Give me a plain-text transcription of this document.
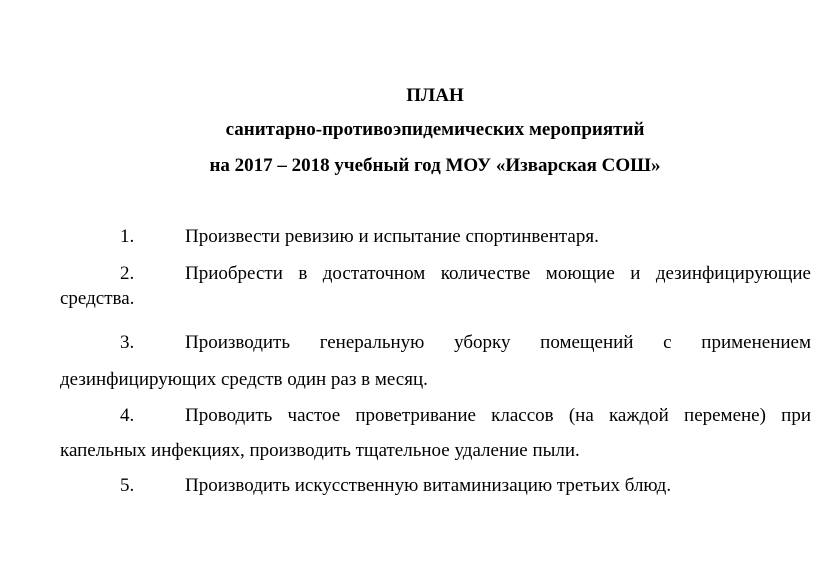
ПЛАН
санитарно-противоэпидемических мероприятий
на 2017 – 2018 учебный год МОУ «Изварская СОШ»
1.	Произвести ревизию и испытание спортинвентаря.
2.	Приобрести в достаточном количестве моющие и дезинфицирующие средства.
3.	Производить генеральную уборку помещений с применением дезинфицирующих средств один раз в месяц.
4.	Проводить частое проветривание классов (на каждой перемене) при капельных инфекциях, производить тщательное удаление пыли.
5.	Производить искусственную витаминизацию третьих блюд.
